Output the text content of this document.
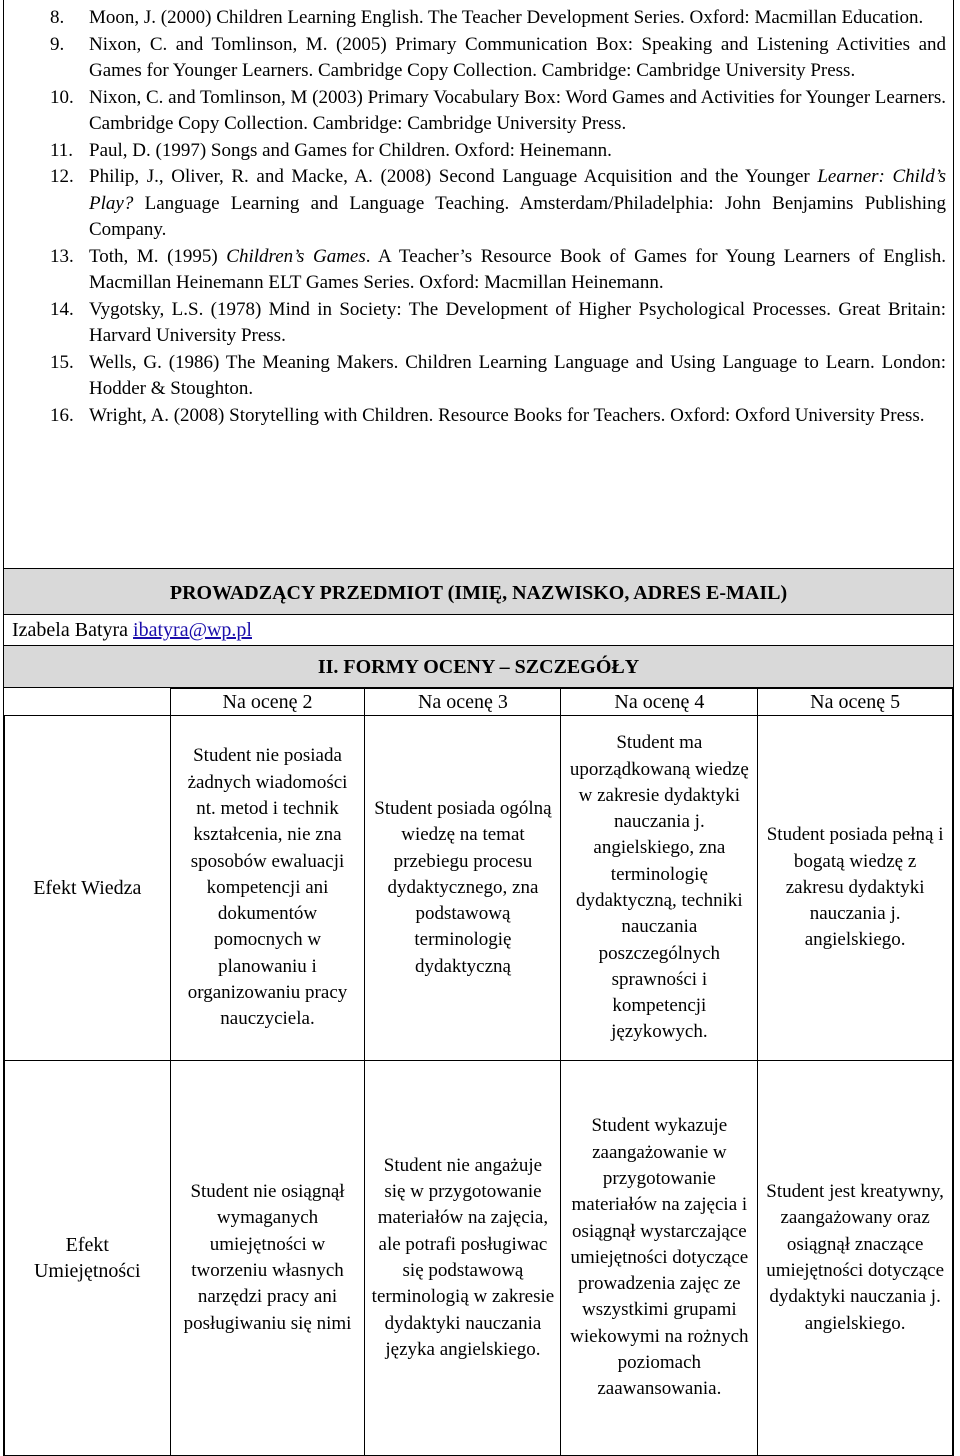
8.	Moon, J. (2000) Children Learning English. The Teacher Development Series. Oxford: Macmillan Education.
9.	Nixon, C. and Tomlinson, M. (2005) Primary Communication Box: Speaking and Listening Activities and Games for Younger Learners. Cambridge Copy Collection. Cambridge: Cambridge University Press.
10. Nixon, C. and Tomlinson, M (2003) Primary Vocabulary Box: Word Games and Activities for Younger Learners. Cambridge Copy Collection. Cambridge: Cambridge University Press.
11. Paul, D. (1997) Songs and Games for Children. Oxford: Heinemann.
12. Philip, J., Oliver, R. and Macke, A. (2008) Second Language Acquisition and the Younger Learner: Child’s Play? Language Learning and Language Teaching. Amsterdam/Philadelphia: John Benjamins Publishing Company.
13. Toth, M. (1995) Children’s Games. A Teacher’s Resource Book of Games for Young Learners of English. Macmillan Heinemann ELT Games Series. Oxford: Macmillan Heinemann.
14. Vygotsky, L.S. (1978) Mind in Society: The Development of Higher Psychological Processes. Great Britain: Harvard University Press.
15. Wells, G. (1986) The Meaning Makers. Children Learning Language and Using Language to Learn. London: Hodder & Stoughton.
16. Wright, A. (2008) Storytelling with Children. Resource Books for Teachers. Oxford: Oxford University Press.
PROWADZĄCY PRZEDMIOT (IMIĘ, NAZWISKO, ADRES E-MAIL)
Izabela Batyra ibatyra@wp.pl
II. FORMY OCENY – SZCZEGÓŁY
	Na ocenę 2	Na ocenę 3	Na ocenę 4	Na ocenę 5
Efekt Wiedza	Student nie posiada żadnych wiadomości nt. metod i technik kształcenia, nie zna sposobów ewaluacji kompetencji ani dokumentów pomocnych w planowaniu i organizowaniu pracy nauczyciela.	Student posiada ogólną wiedzę na temat przebiegu procesu dydaktycznego, zna podstawową terminologię dydaktyczną	Student ma uporządkowaną wiedzę w zakresie dydaktyki nauczania j. angielskiego, zna terminologię dydaktyczną, techniki nauczania poszczególnych sprawności i kompetencji językowych.	Student posiada pełną i bogatą wiedzę z zakresu dydaktyki nauczania j. angielskiego.
Efekt Umiejętności	Student nie osiągnął wymaganych umiejętności w tworzeniu własnych narzędzi pracy ani posługiwaniu się nimi	Student nie angażuje się w przygotowanie materiałów na zajęcia, ale potrafi posługiwac się podstawową terminologią w zakresie dydaktyki nauczania języka angielskiego.	Student wykazuje zaangażowanie w przygotowanie materiałów na zajęcia i osiągnął wystarczające umiejętności dotyczące prowadzenia zajęc ze wszystkimi grupami wiekowymi na rożnych poziomach zaawansowania.	Student jest kreatywny, zaangażowany oraz osiągnął znaczące umiejętności dotyczące dydaktyki nauczania j. angielskiego.
